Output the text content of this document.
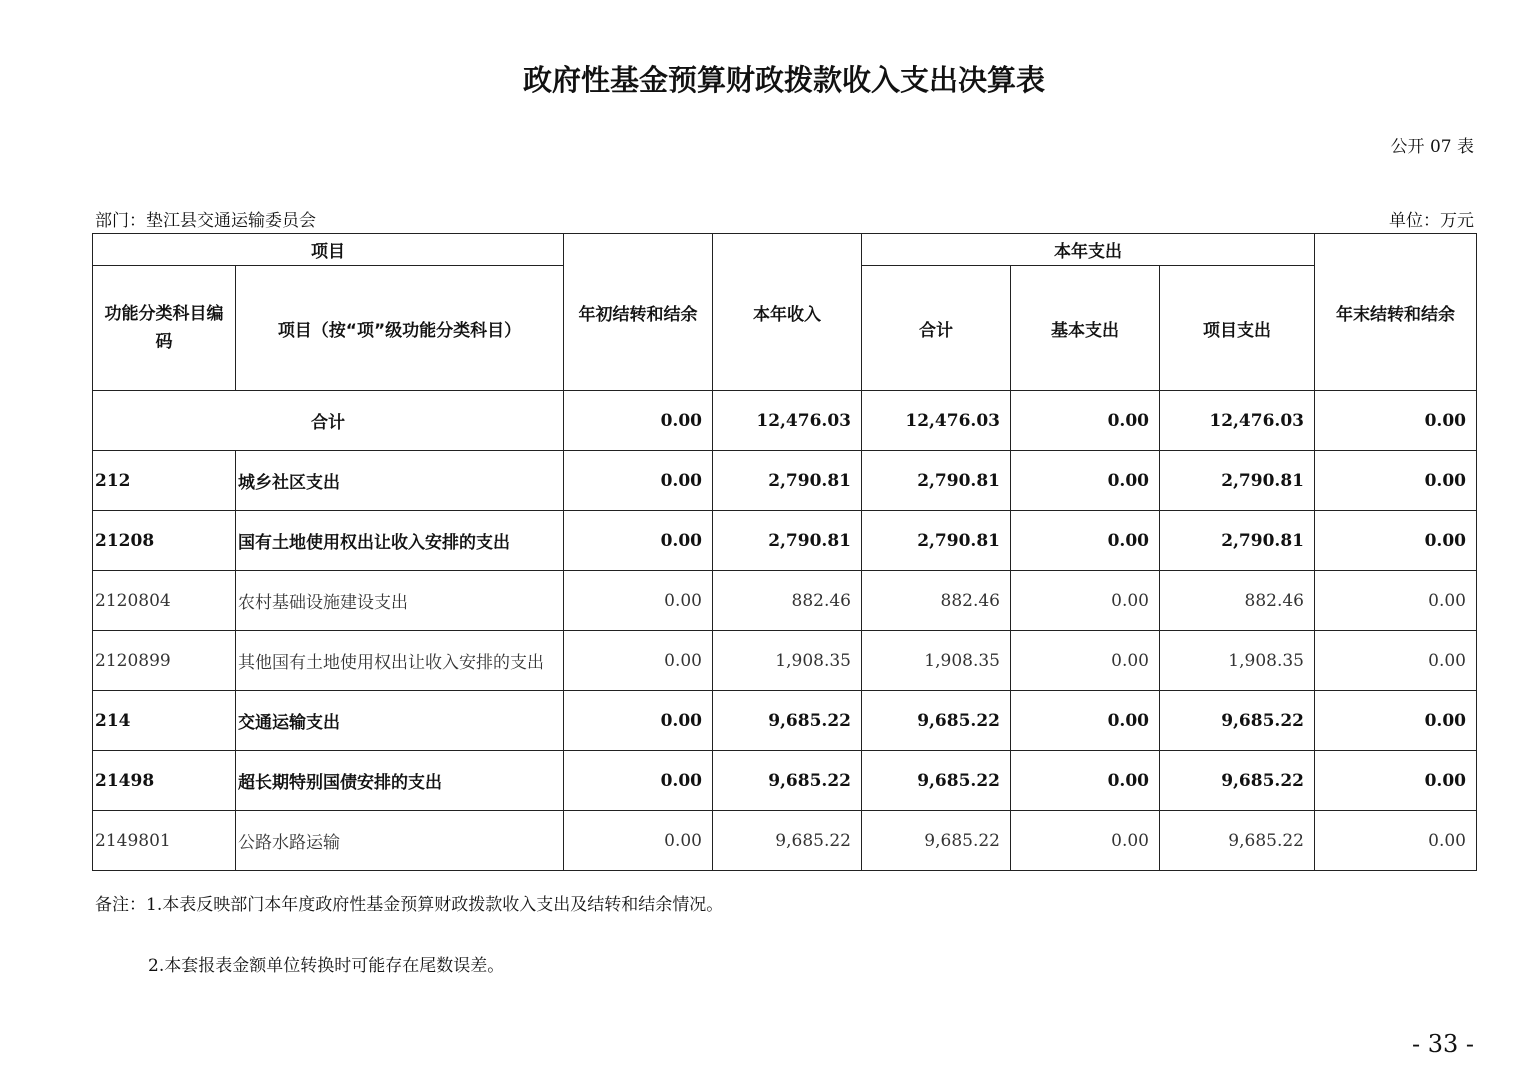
政府性基金预算财政拨款收入支出决算表
公开 07 表
部门：垫江县交通运输委员会	单位：万元
项目		年初结转和结余	本年收入	本年支出			年末结转和结余
功能分类科目编码	项目（按“项”级功能分类科目）			合计	基本支出	项目支出	
合计		0.00	12,476.03	12,476.03	0.00	12,476.03	0.00
212	城乡社区支出	0.00	2,790.81	2,790.81	0.00	2,790.81	0.00
21208	国有土地使用权出让收入安排的支出	0.00	2,790.81	2,790.81	0.00	2,790.81	0.00
2120804	农村基础设施建设支出	0.00	882.46	882.46	0.00	882.46	0.00
2120899	其他国有土地使用权出让收入安排的支出	0.00	1,908.35	1,908.35	0.00	1,908.35	0.00
214	交通运输支出	0.00	9,685.22	9,685.22	0.00	9,685.22	0.00
21498	超长期特别国债安排的支出	0.00	9,685.22	9,685.22	0.00	9,685.22	0.00
2149801	公路水路运输	0.00	9,685.22	9,685.22	0.00	9,685.22	0.00
备注：1.本表反映部门本年度政府性基金预算财政拨款收入支出及结转和结余情况。
2.本套报表金额单位转换时可能存在尾数误差。
- 33 -
